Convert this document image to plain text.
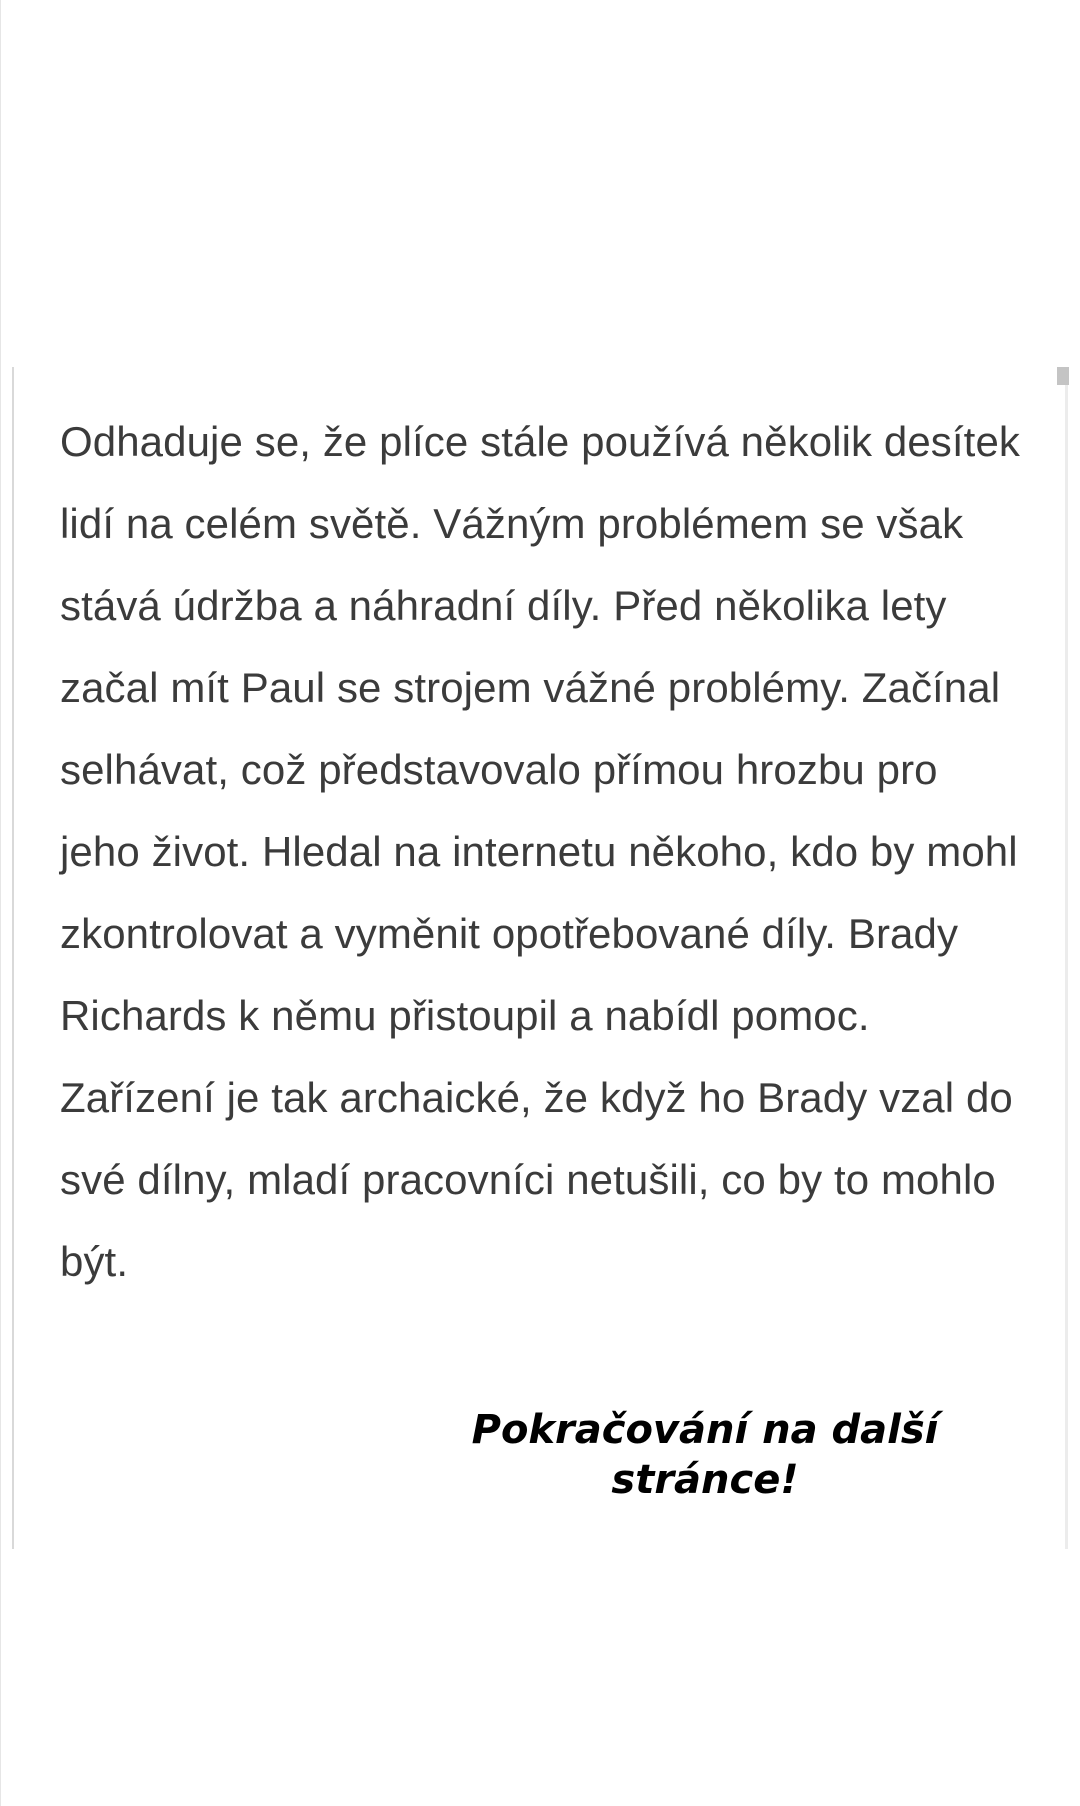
Odhaduje se, že plíce stále používá několik desítek lidí na celém světě. Vážným problémem se však stává údržba a náhradní díly. Před několika lety začal mít Paul se strojem vážné problémy. Začínal selhávat, což představovalo přímou hrozbu pro jeho život. Hledal na internetu někoho, kdo by mohl zkontrolovat a vyměnit opotřebované díly. Brady Richards k němu přistoupil a nabídl pomoc. Zařízení je tak archaické, že když ho Brady vzal do své dílny, mladí pracovníci netušili, co by to mohlo být.

Pokračování na další stránce!
